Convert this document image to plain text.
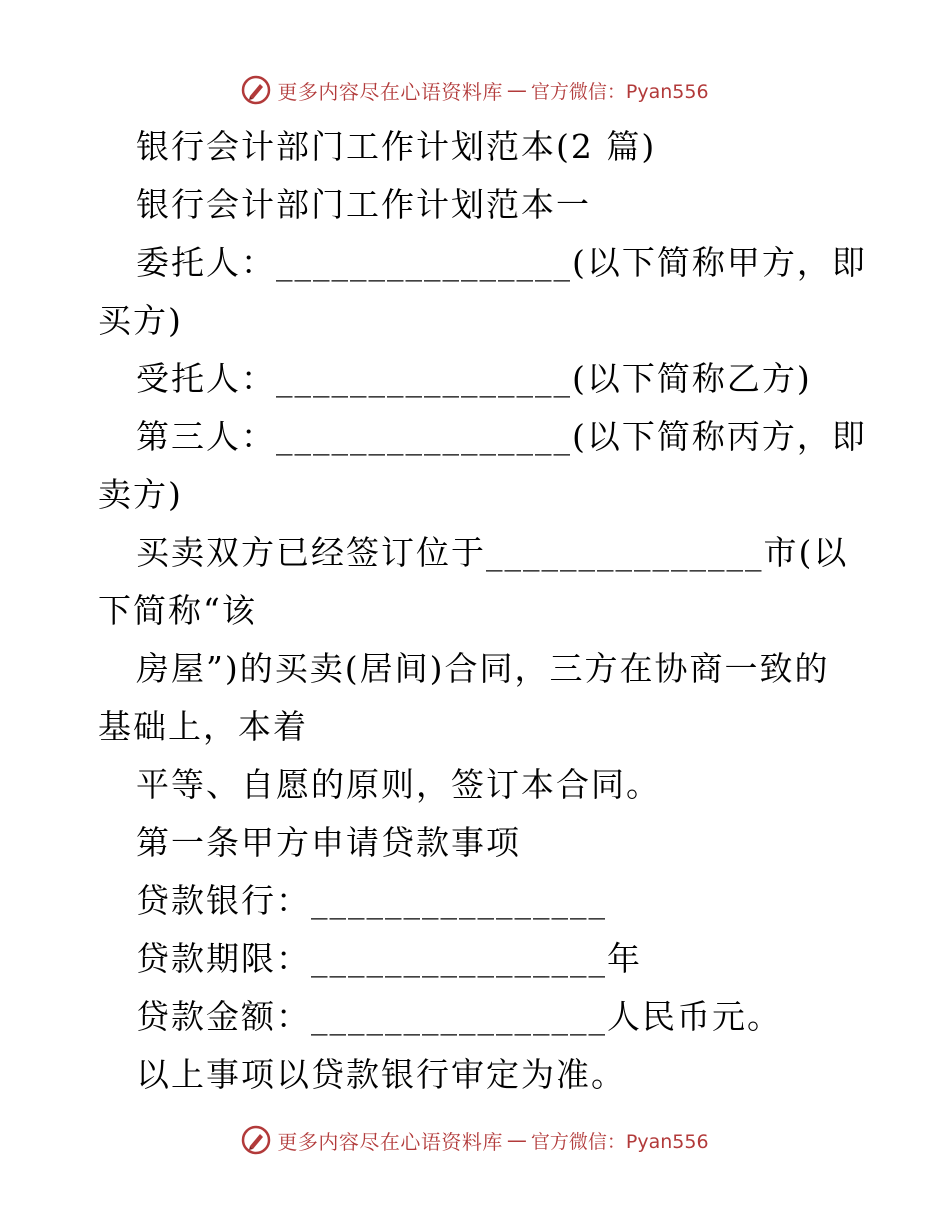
更多内容尽在心语资料库 — 官方微信：Pyan556
银行会计部门工作计划范本(2 篇)
银行会计部门工作计划范本一
委托人：________________(以下简称甲方，即
买方)
受托人：________________(以下简称乙方)
第三人：________________(以下简称丙方，即
卖方)
买卖双方已经签订位于_______________市(以
下简称“该
房屋”)的买卖(居间)合同，三方在协商一致的
基础上，本着
平等、自愿的原则，签订本合同。
第一条甲方申请贷款事项
贷款银行：________________
贷款期限：________________年
贷款金额：________________人民币元。
以上事项以贷款银行审定为准。
更多内容尽在心语资料库 — 官方微信：Pyan556
